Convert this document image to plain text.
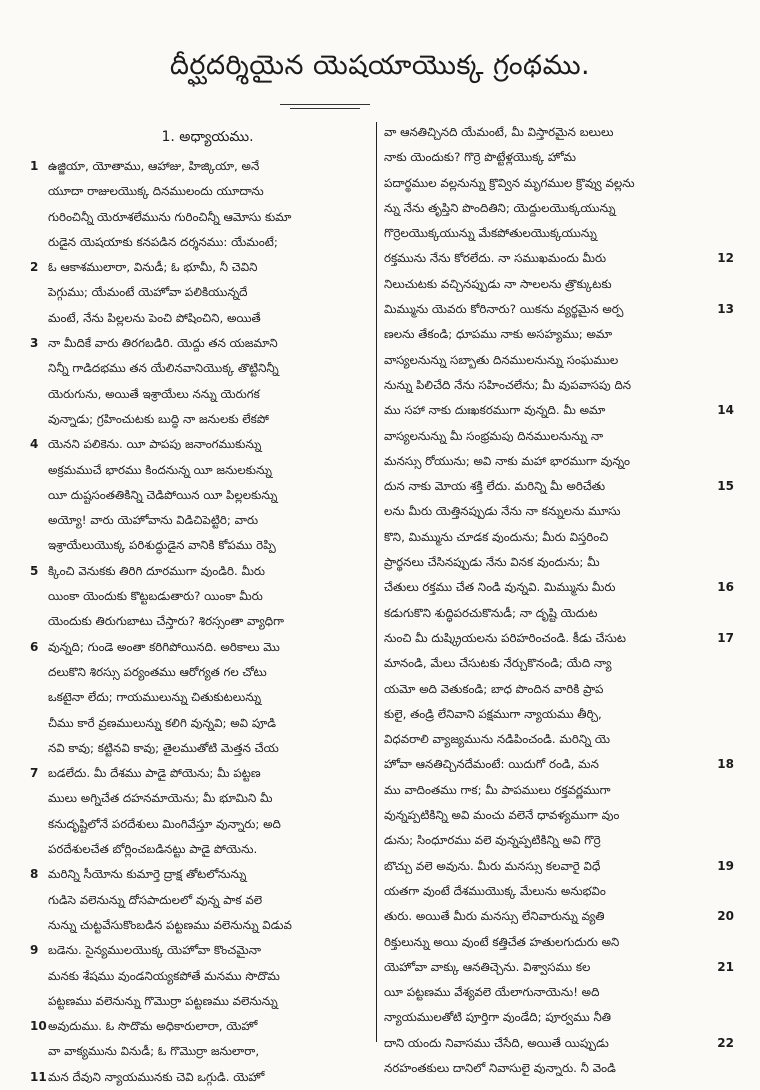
దీర్ఘదర్శియైన యెషయాయొక్క గ్రంథము.
1. అధ్యాయము.
1 ఉజ్జియా, యోతాము, ఆహాజు, హిజ్కియా, అనే
యూదా రాజులయొక్క దినములందు యూదాను
గురించిన్నీ యెరూశలేమును గురించిన్నీ ఆమోసు కుమా
రుడైన యెషయాకు కనపడిన దర్శనము: యేమంటే;
2 ఓ ఆకాశములారా, వినుడీ; ఓ భూమీ, నీ చెవిని
పెగ్గుము; యేమంటే యెహోవా పలికియున్నదే
మంటే, నేను పిల్లలను పెంచి పోషించిని, అయితే
3 నా మీదికే వారు తిరగబడిరి. యెద్దు తన యజమాని
నిన్నీ గాడిదభము తన యేలినవానియొక్క తొట్టినిన్నీ
యెరుగును, అయితే ఇశ్రాయేలు నన్ను యెరుగక
వున్నాడు; గ్రహించుటకు బుద్ధి నా జనులకు లేకపో
4 యెనని పలికెను. యీ పాపపు జనాంగముకున్ను
అక్రమముచే భారము కిందనున్న యీ జనులకున్ను
యీ దుష్టసంతతికిన్ని చెడిపోయిన యీ పిల్లలకున్ను
అయ్యో! వారు యెహోవాను విడిచిపెట్టిరి; వారు
ఇశ్రాయేలుయొక్క పరిశుద్ధుడైన వానికి కోపము రెప్పి
5 క్కించి వెనుకకు తిరిగి దూరముగా వుండిరి. మీరు
యింకా యెందుకు కొట్టబడుతారు? యింకా మీరు
యెందుకు తిరుగుబాటు చేస్తారు? శిరస్సంతా వ్యాధిగా
6 వున్నది; గుండె అంతా కరిగిపోయినది. అరికాలు మొ
దలుకొని శిరస్సు పర్యంతము ఆరోగ్యత గల చోటు
ఒకటైనా లేదు; గాయములున్ను చితుకుటలున్ను
చీము కారే వ్రణములున్ను కలిగి వున్నవి; అవి పూడి
నవి కావు; కట్టినవి కావు; తైలముతోటి మెత్తన చేయ
7 బడలేదు. మీ దేశము పాడై పోయెను; మీ పట్టణ
ములు అగ్నిచేత దహనమాయెను; మీ భూమిని మీ
కనుదృష్టిలోనే పరదేశులు మింగివేస్తూ వున్నారు; అది
పరదేశులచేత బోర్లించబడినట్టు పాడై పోయెను.
8 మరిన్ని సీయోను కుమార్తె ద్రాక్ష తోటలోనున్ను
గుడిసె వలెనున్ను దోసపాదులలో వున్న పాక వలె
నున్ను చుట్టవేసుకొంబడిన పట్టణము వలెనున్ను విడువ
9 బడెను. సైన్యములయొక్క యెహోవా కొంచమైనా
మనకు శేషము వుండనియ్యకపోతే మనము సొదొమ
పట్టణము వలెనున్ను గొమొర్రా పట్టణము వలెనున్ను
10 అవుదుము. ఓ సొదొమ అధికారులారా, యెహో
వా వాక్యమును వినుడీ; ఓ గొమొర్రా జనులారా,
11 మన దేవుని న్యాయమునకు చెవి ఒగ్గుడి. యెహో
వా ఆనతిచ్చినది యేమంటే, మీ విస్తారమైన బలులు
నాకు యెందుకు? గొర్రె పొట్టేళ్లయొక్క హోమ
పదార్థముల వల్లనున్ను క్రొవ్విన మృగముల క్రొవ్వు వల్లను
న్ను నేను తృప్తిని పొందితిని; యెద్దులయొక్కయున్ను
గొర్రెలయొక్కయున్ను మేకపోతులయొక్కయున్ను
12
రక్తమును నేను కోరలేదు. నా సముఖమందు మీరు
నిలుచుటకు వచ్చినప్పుడు నా సాలలను త్రొక్కుటకు
13
మిమ్మును యెవరు కోరినారు? యికను వ్యర్థమైన అర్ప
ణలను తేకండి; ధూపము నాకు అసహ్యము; అమా
వాస్యలనున్ను సబ్బాతు దినములనున్ను సంఘముల
నున్ను పిలిచేది నేను సహించలేను; మీ వుపవాసపు దిన
14
ము సహా నాకు దుఃఖకరముగా వున్నది. మీ అమా
వాస్యలనున్ను మీ సంభ్రమపు దినములనున్ను నా
మనస్సు రోయును; అవి నాకు మహా భారముగా వున్నం
15
దున నాకు మోయ శక్తి లేదు. మరిన్ని మీ అరిచేతు
లను మీరు యెత్తినప్పుడు నేను నా కన్నులను మూసు
కొని, మిమ్మును చూడక వుందును; మీరు విస్తరించి
ప్రార్థనలు చేసినప్పుడు నేను వినక వుందును; మీ
16
చేతులు రక్తము చేత నిండి వున్నవి. మిమ్మును మీరు
కడుగుకొని శుద్ధిపరచుకొనుడీ; నా దృష్టి యెదుట
17
నుంచి మీ దుష్క్రియలను పరిహరించండి. కీడు చేసుట
మానండి, మేలు చేసుటకు నేర్చుకొనండి; యేది న్యా
యమో అది వెతుకండి; బాధ పొందిన వారికి ప్రాప
కులై, తండ్రి లేనివాని పక్షముగా న్యాయము తీర్చి,
విధవరాలి వ్యాజ్యమును నడిపించండి. మరిన్ని యె
18
హోవా ఆనతిచ్చినదేమంటే: యిదుగో రండి, మన
ము వాదింతము గాక; మీ పాపములు రక్తవర్ణముగా
వున్నప్పటికిన్ని అవి మంచు వలెనే ధావళ్యముగా వుం
డును; సింధూరము వలె వున్నప్పటికిన్ని అవి గొర్రె
19
బొచ్చు వలె అవును. మీరు మనస్సు కలవారై విధే
యతగా వుంటే దేశముయొక్క మేలును అనుభవిం
20
తురు. అయితే మీరు మనస్సు లేనివారున్ను వ్యతి
రిక్తులున్ను అయి వుంటే కత్తిచేత హతులగుదురు అని
21
యెహోవా వాక్కు ఆనతిచ్చెను. విశ్వాసము కల
యీ పట్టణము వేశ్యవలె యేలాగునాయెను! అది
న్యాయములతోటి పూర్తిగా వుండేది; పూర్వము నీతి
22
దాని యందు నివాసము చేసేది, అయితే యిప్పుడు
నరహంతకులు దానిలో నివాసులై వున్నారు. నీ వెండి
